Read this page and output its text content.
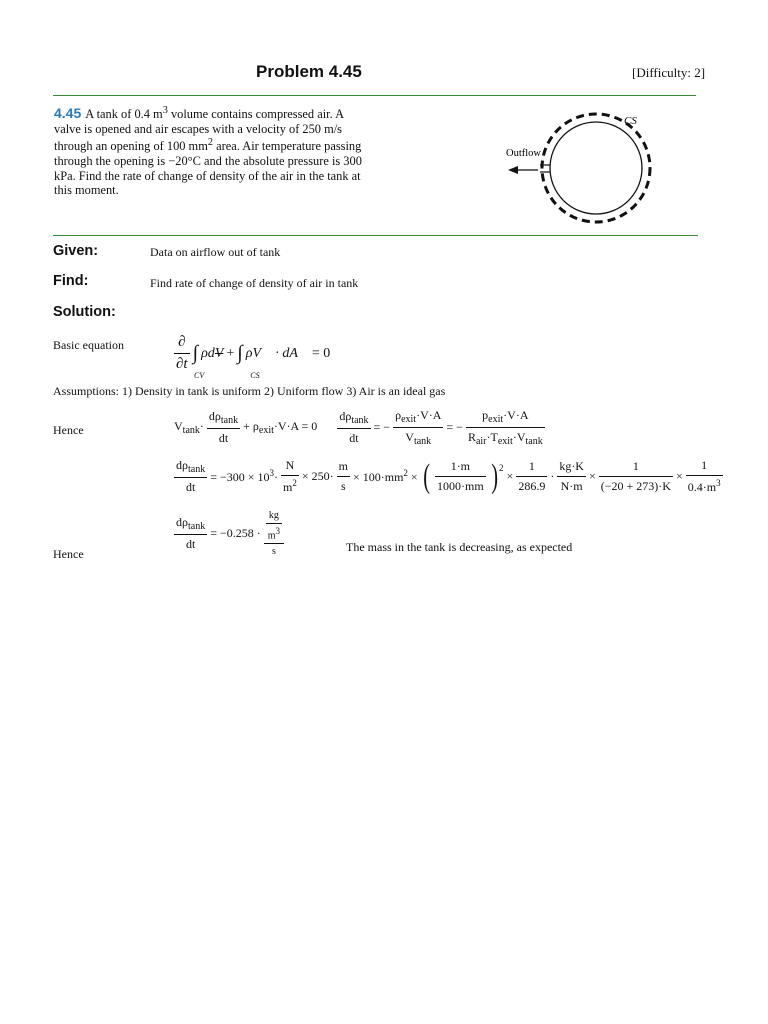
Problem 4.45	[Difficulty: 2]
4.45 A tank of 0.4 $m^3$ volume contains compressed air. A valve is opened and air escapes with a velocity of 250 m/s through an opening of 100 $mm^2$ area. Air temperature passing through the opening is −20°C and the absolute pressure is 300 kPa. Find the rate of change of density of the air in the tank at this moment.
CS
Outflow
Given:	Data on airflow out of tank
Find:	Find rate of change of density of air in tank
Solution:
Basic equation	∂
∂t ∫ ρdV + ∫ ρV⃗ · dA⃗ = 0
CV	CS
Assumptions: 1) Density in tank is uniform 2) Uniform flow 3) Air is an ideal gas
Hence	$V_{tank}\cdot$
$d\rho_{tank}$
dt
+ $\rho_{exit}\cdot V\cdot A = 0 \frac{d\rho_{tank}}{dt}$ = −
$\rho_{exit}\cdot V\cdot A$
$V_{tank}$
= −
$p_{exit}\cdot V\cdot A$
$R_{air}\cdot T_{exit}\cdot V_{tank}$
$\frac{d\rho_{tank}}{dt} = -300 \times 10^3\cdot \frac{N}{m^2} \times 250\cdot \frac{m}{s} \times 100\cdot mm^2$ × (	1·m
1000·mm )$^2$
× $\frac{1}{286.9} \cdot \frac{kg\cdot K}{N\cdot m} \times \frac{1}{(-20 + 273)\cdot K} \times \frac{1}{0.4\cdot m^3}$
Hence
$\frac{d\rho_{tank}}{dt} = -0.258 \cdot \frac{kg}{m^3}$
s	The mass in the tank is decreasing, as expected
